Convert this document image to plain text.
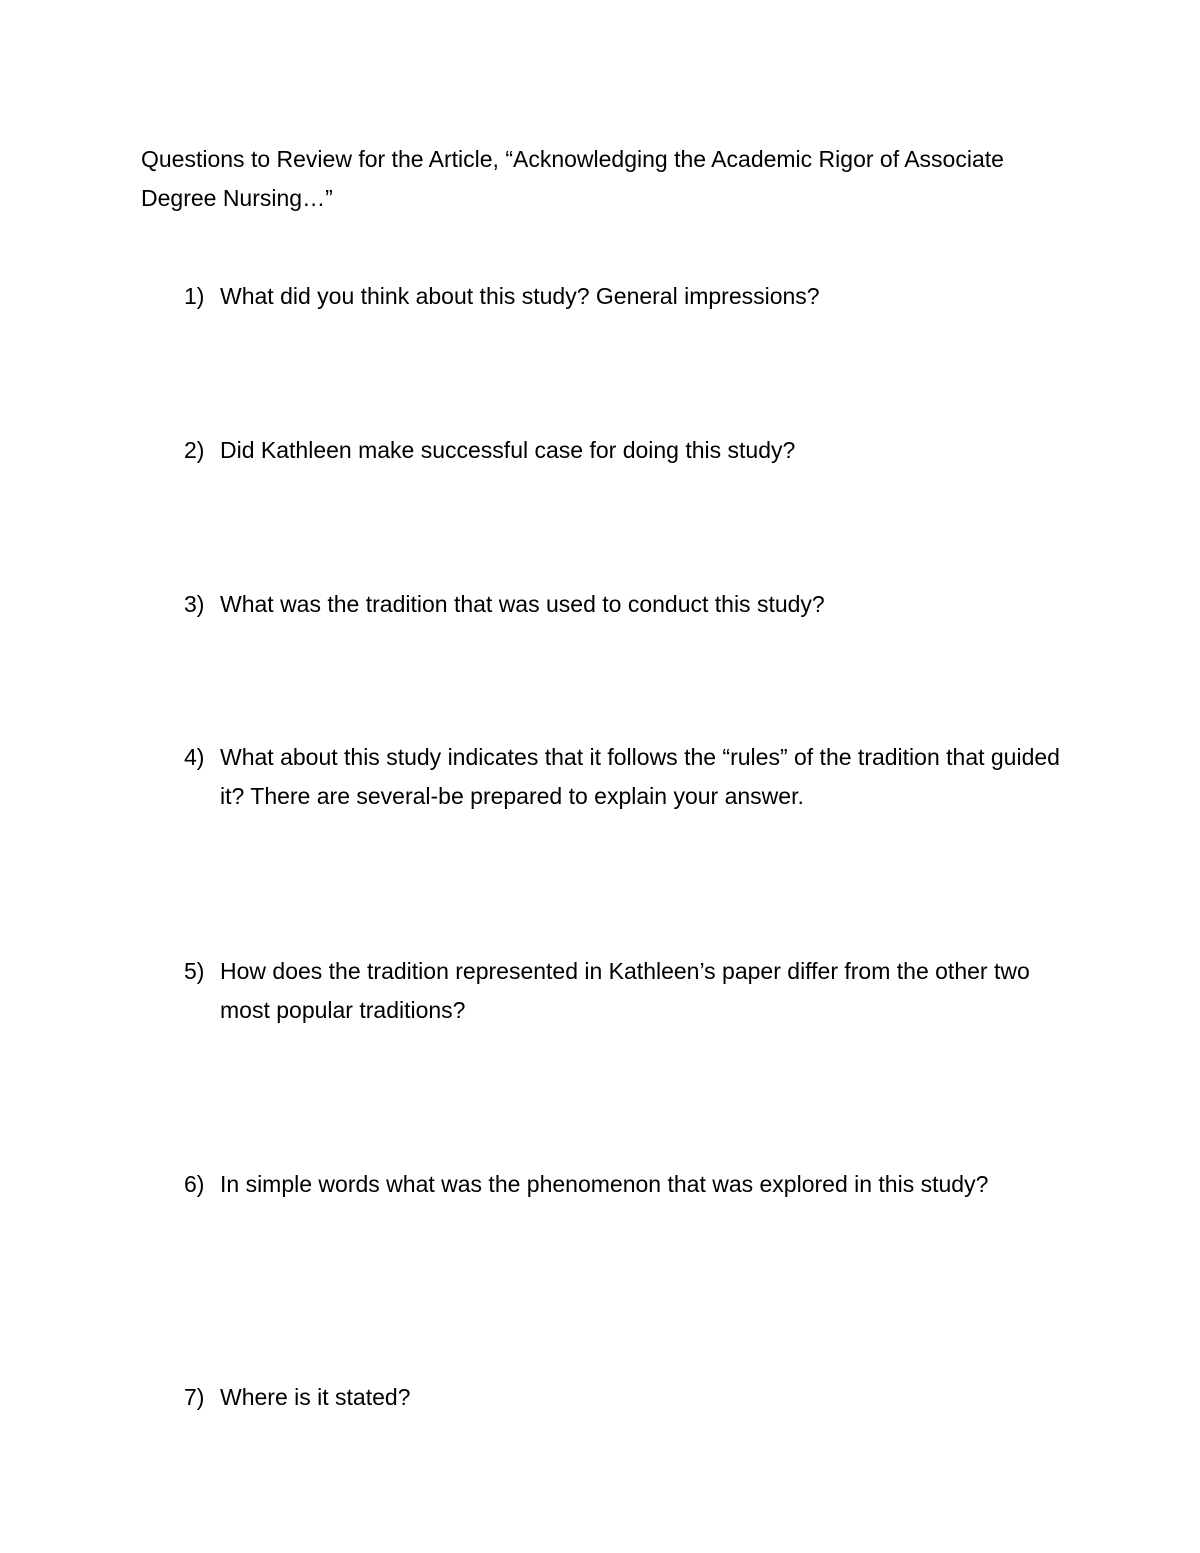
Questions to Review for the Article, “Acknowledging the Academic Rigor of Associate Degree Nursing…”
1) What did you think about this study? General impressions?
2) Did Kathleen make successful case for doing this study?
3) What was the tradition that was used to conduct this study?
4) What about this study indicates that it follows the “rules” of the tradition that guided it? There are several-be prepared to explain your answer.
5) How does the tradition represented in Kathleen’s paper differ from the other two most popular traditions?
6) In simple words what was the phenomenon that was explored in this study?
7) Where is it stated?
